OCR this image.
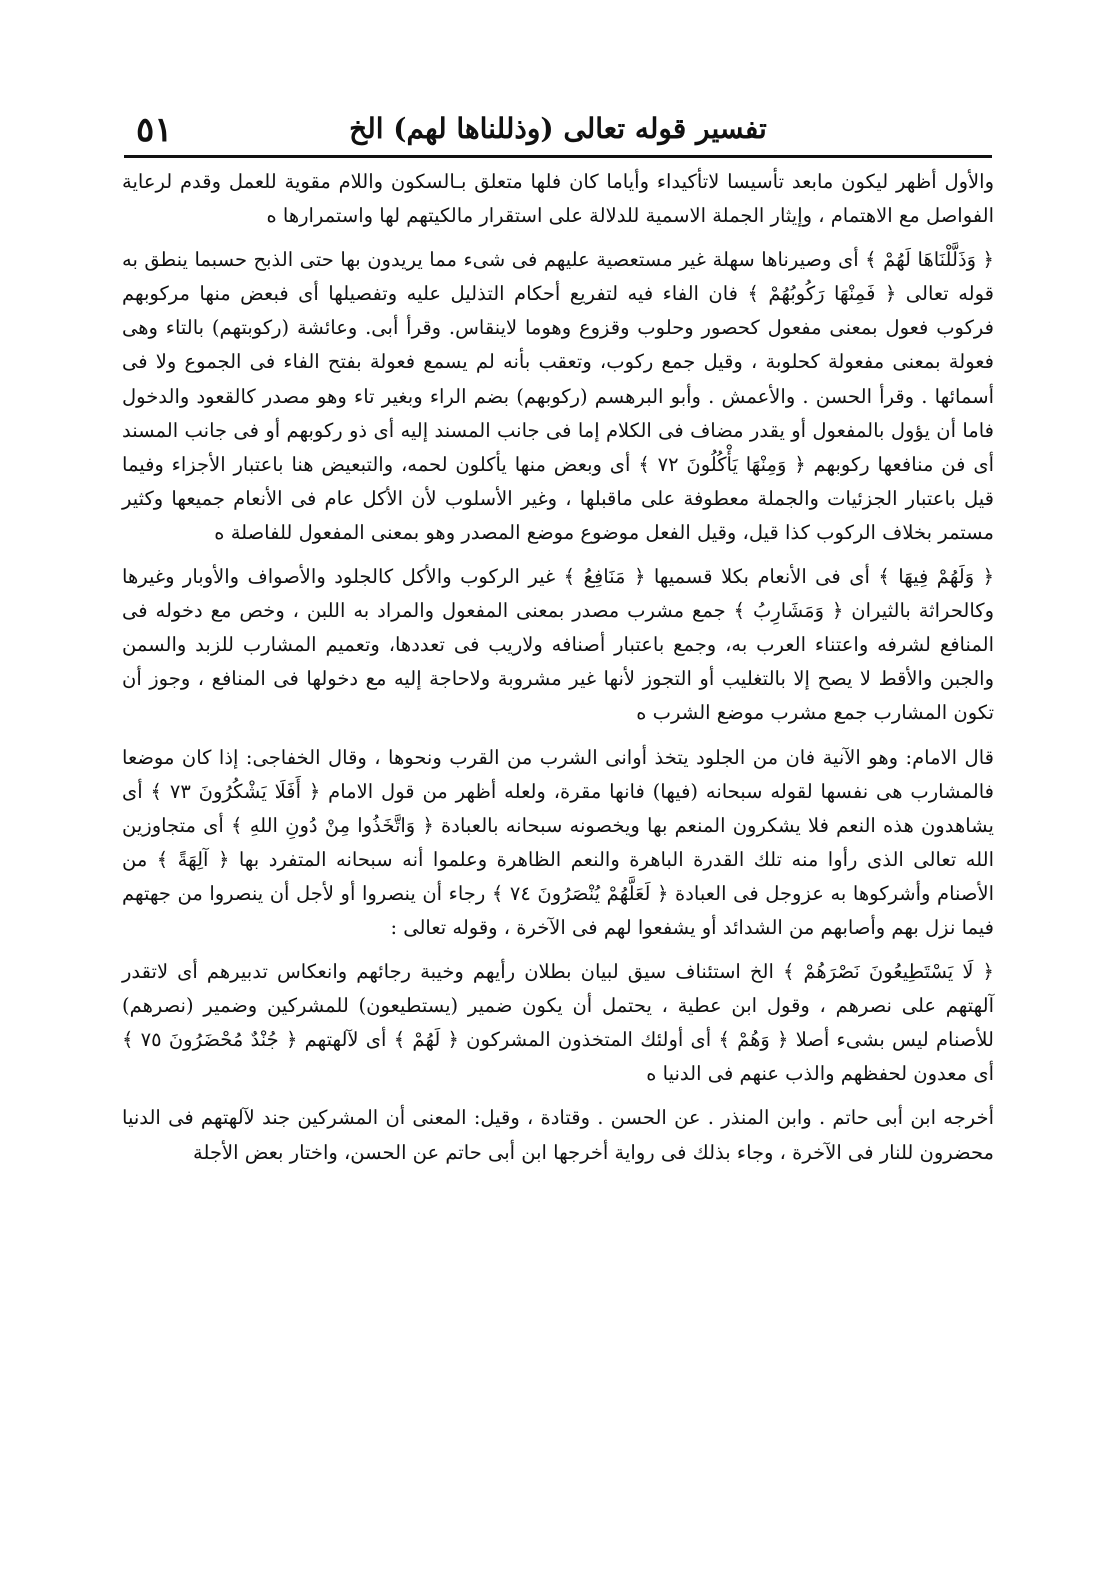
٥١	تفسير قوله تعالى (وذللناها لهم) الخ

والأول أظهر ليكون مابعد تأسيسا لاتأكيداء وأياما كان فلها متعلق بـالسكون واللام مقوية للعمل وقدم لرعاية الفواصل مع الاهتمام ، وإيثار الجملة الاسمية للدلالة على استقرار مالكيتهم لها واستمرارها ه

﴿ وَذَلَّلْنَاهَا لَهُمْ ﴾ أى وصيرناها سهلة غير مستعصية عليهم فى شىء مما يريدون بها حتى الذبح حسبما ينطق به قوله تعالى ﴿ فَمِنْهَا رَكُوبُهُمْ ﴾ فان الفاء فيه لتفريع أحكام التذليل عليه وتفصيلها أى فبعض منها مركوبهم فركوب فعول بمعنى مفعول كحصور وحلوب وقزوع وهوما لاينقاس. وقرأ أبى. وعائشة (ركوبتهم) بالتاء وهى فعولة بمعنى مفعولة كحلوبة ، وقيل جمع ركوب، وتعقب بأنه لم يسمع فعولة بفتح الفاء فى الجموع ولا فى أسمائها . وقرأ الحسن . والأعمش . وأبو البرهسم (ركوبهم) بضم الراء وبغير تاء وهو مصدر كالقعود والدخول فاما أن يؤول بالمفعول أو يقدر مضاف فى الكلام إما فى جانب المسند إليه أى ذو ركوبهم أو فى جانب المسند أى فن منافعها ركوبهم ﴿ وَمِنْهَا يَأْكُلُونَ ٧٢ ﴾ أى وبعض منها يأكلون لحمه، والتبعيض هنا باعتبار الأجزاء وفيما قيل باعتبار الجزئيات والجملة معطوفة على ماقبلها ، وغير الأسلوب لأن الأكل عام فى الأنعام جميعها وكثير مستمر بخلاف الركوب كذا قيل، وقيل الفعل موضوع موضع المصدر وهو بمعنى المفعول للفاصلة ه

﴿ وَلَهُمْ فِيهَا ﴾ أى فى الأنعام بكلا قسميها ﴿ مَنَافِعُ ﴾ غير الركوب والأكل كالجلود والأصواف والأوبار وغيرها وكالحراثة بالثيران ﴿ وَمَشَارِبُ ﴾ جمع مشرب مصدر بمعنى المفعول والمراد به اللبن ، وخص مع دخوله فى المنافع لشرفه واعتناء العرب به، وجمع باعتبار أصنافه ولاريب فى تعددها، وتعميم المشارب للزبد والسمن والجبن والأقط لا يصح إلا بالتغليب أو التجوز لأنها غير مشروبة ولاحاجة إليه مع دخولها فى المنافع ، وجوز أن تكون المشارب جمع مشرب موضع الشرب ه

قال الامام: وهو الآنية فان من الجلود يتخذ أوانى الشرب من القرب ونحوها ، وقال الخفاجى: إذا كان موضعا فالمشارب هى نفسها لقوله سبحانه (فيها) فانها مقرة، ولعله أظهر من قول الامام ﴿ أَفَلَا يَشْكُرُونَ ٧٣ ﴾ أى يشاهدون هذه النعم فلا يشكرون المنعم بها ويخصونه سبحانه بالعبادة ﴿ وَاتَّخَذُوا مِنْ دُونِ اللهِ ﴾ أى متجاوزين الله تعالى الذى رأوا منه تلك القدرة الباهرة والنعم الظاهرة وعلموا أنه سبحانه المتفرد بها ﴿ آلِهَةً ﴾ من الأصنام وأشركوها به عزوجل فى العبادة ﴿ لَعَلَّهُمْ يُنْصَرُونَ ٧٤ ﴾ رجاء أن ينصروا أو لأجل أن ينصروا من جهتهم فيما نزل بهم وأصابهم من الشدائد أو يشفعوا لهم فى الآخرة ، وقوله تعالى :

﴿ لَا يَسْتَطِيعُونَ نَصْرَهُمْ ﴾ الخ استئناف سيق لبيان بطلان رأيهم وخيبة رجائهم وانعكاس تدبيرهم أى لاتقدر آلهتهم على نصرهم ، وقول ابن عطية ، يحتمل أن يكون ضمير (يستطيعون) للمشركين وضمير (نصرهم) للأصنام ليس بشىء أصلا ﴿ وَهُمْ ﴾ أى أولئك المتخذون المشركون ﴿ لَهُمْ ﴾ أى لآلهتهم ﴿ جُنْدٌ مُحْضَرُونَ ٧٥ ﴾ أى معدون لحفظهم والذب عنهم فى الدنيا ه

أخرجه ابن أبى حاتم . وابن المنذر . عن الحسن . وقتادة ، وقيل: المعنى أن المشركين جند لآلهتهم فى الدنيا محضرون للنار فى الآخرة ، وجاء بذلك فى رواية أخرجها ابن أبى حاتم عن الحسن، واختار بعض الأجلة
